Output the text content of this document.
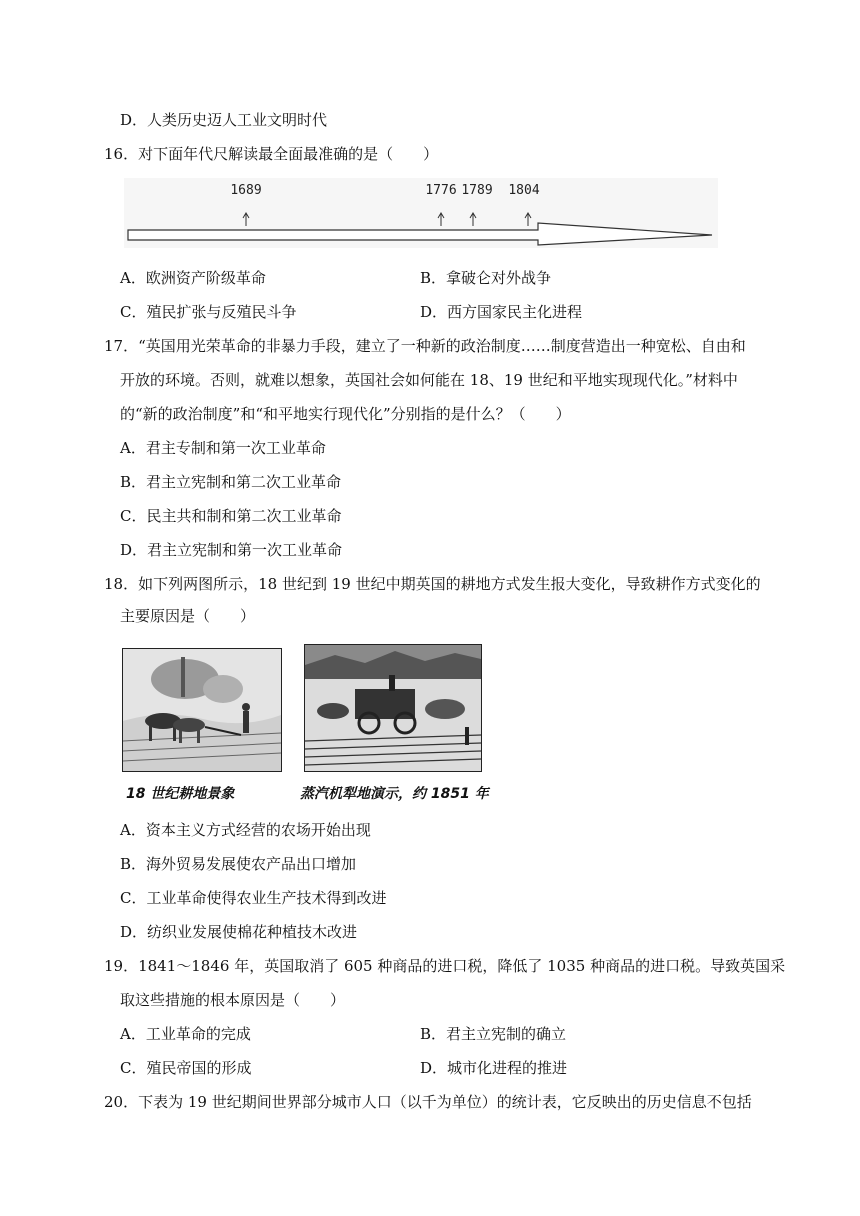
D．人类历史迈人工业文明时代
16．对下面年代尺解读最全面最准确的是（　　）
1689	1776 1789 1804
A．欧洲资产阶级革命	B．拿破仑对外战争
C．殖民扩张与反殖民斗争	D．西方国家民主化进程
17．“英国用光荣革命的非暴力手段，建立了一种新的政治制度……制度营造出一种宽松、自由和
开放的环境。否则，就难以想象，英国社会如何能在 18、19 世纪和平地实现现代化。”材料中
的“新的政治制度”和“和平地实行现代化”分别指的是什么？（　　）
A．君主专制和第一次工业革命
B．君主立宪制和第二次工业革命
C．民主共和制和第二次工业革命
D．君主立宪制和第一次工业革命
18．如下列两图所示，18 世纪到 19 世纪中期英国的耕地方式发生报大变化，导致耕作方式变化的
主要原因是（　　）
18 世纪耕地景象	蒸汽机犁地演示，约 1851 年
A．资本主义方式经营的农场开始出现
B．海外贸易发展使农产品出口增加
C．工业革命使得农业生产技术得到改进
D．纺织业发展使棉花种植技木改进
19．1841～1846 年，英国取消了 605 种商品的进口税，降低了 1035 种商品的进口税。导致英国采
取这些措施的根本原因是（　　）
A．工业革命的完成	B．君主立宪制的确立
C．殖民帝国的形成	D．城市化进程的推进
20．下表为 19 世纪期间世界部分城市人口（以千为单位）的统计表，它反映出的历史信息不包括
